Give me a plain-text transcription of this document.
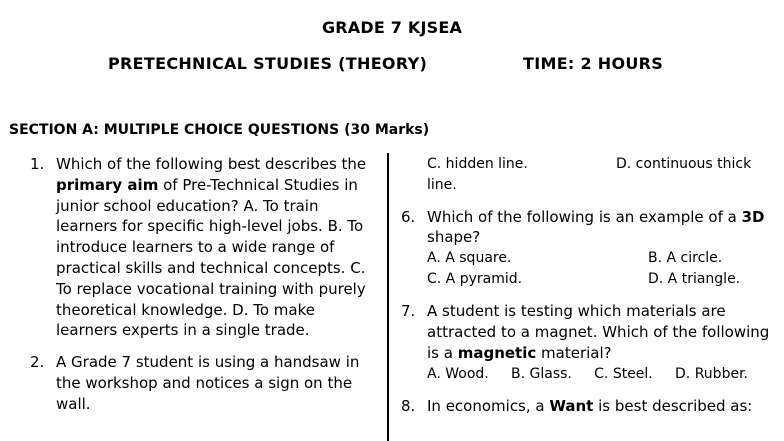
GRADE 7 KJSEA
PRETECHNICAL STUDIES (THEORY)	TIME: 2 HOURS
SECTION A: MULTIPLE CHOICE QUESTIONS (30 Marks)
1. Which of the following best describes the primary aim of Pre-Technical Studies in junior school education? A. To train learners for specific high-level jobs. B. To introduce learners to a wide range of practical skills and technical concepts. C. To replace vocational training with purely theoretical knowledge. D. To make learners experts in a single trade.
2. A Grade 7 student is using a handsaw in the workshop and notices a sign on the wall.
C. hidden line.	D. continuous thick line.
6. Which of the following is an example of a 3D shape?
A. A square.	B. A circle.
C. A pyramid.	D. A triangle.
7. A student is testing which materials are attracted to a magnet. Which of the following is a magnetic material?
A. Wood. B. Glass. C. Steel. D. Rubber.
8. In economics, a Want is best described as:
